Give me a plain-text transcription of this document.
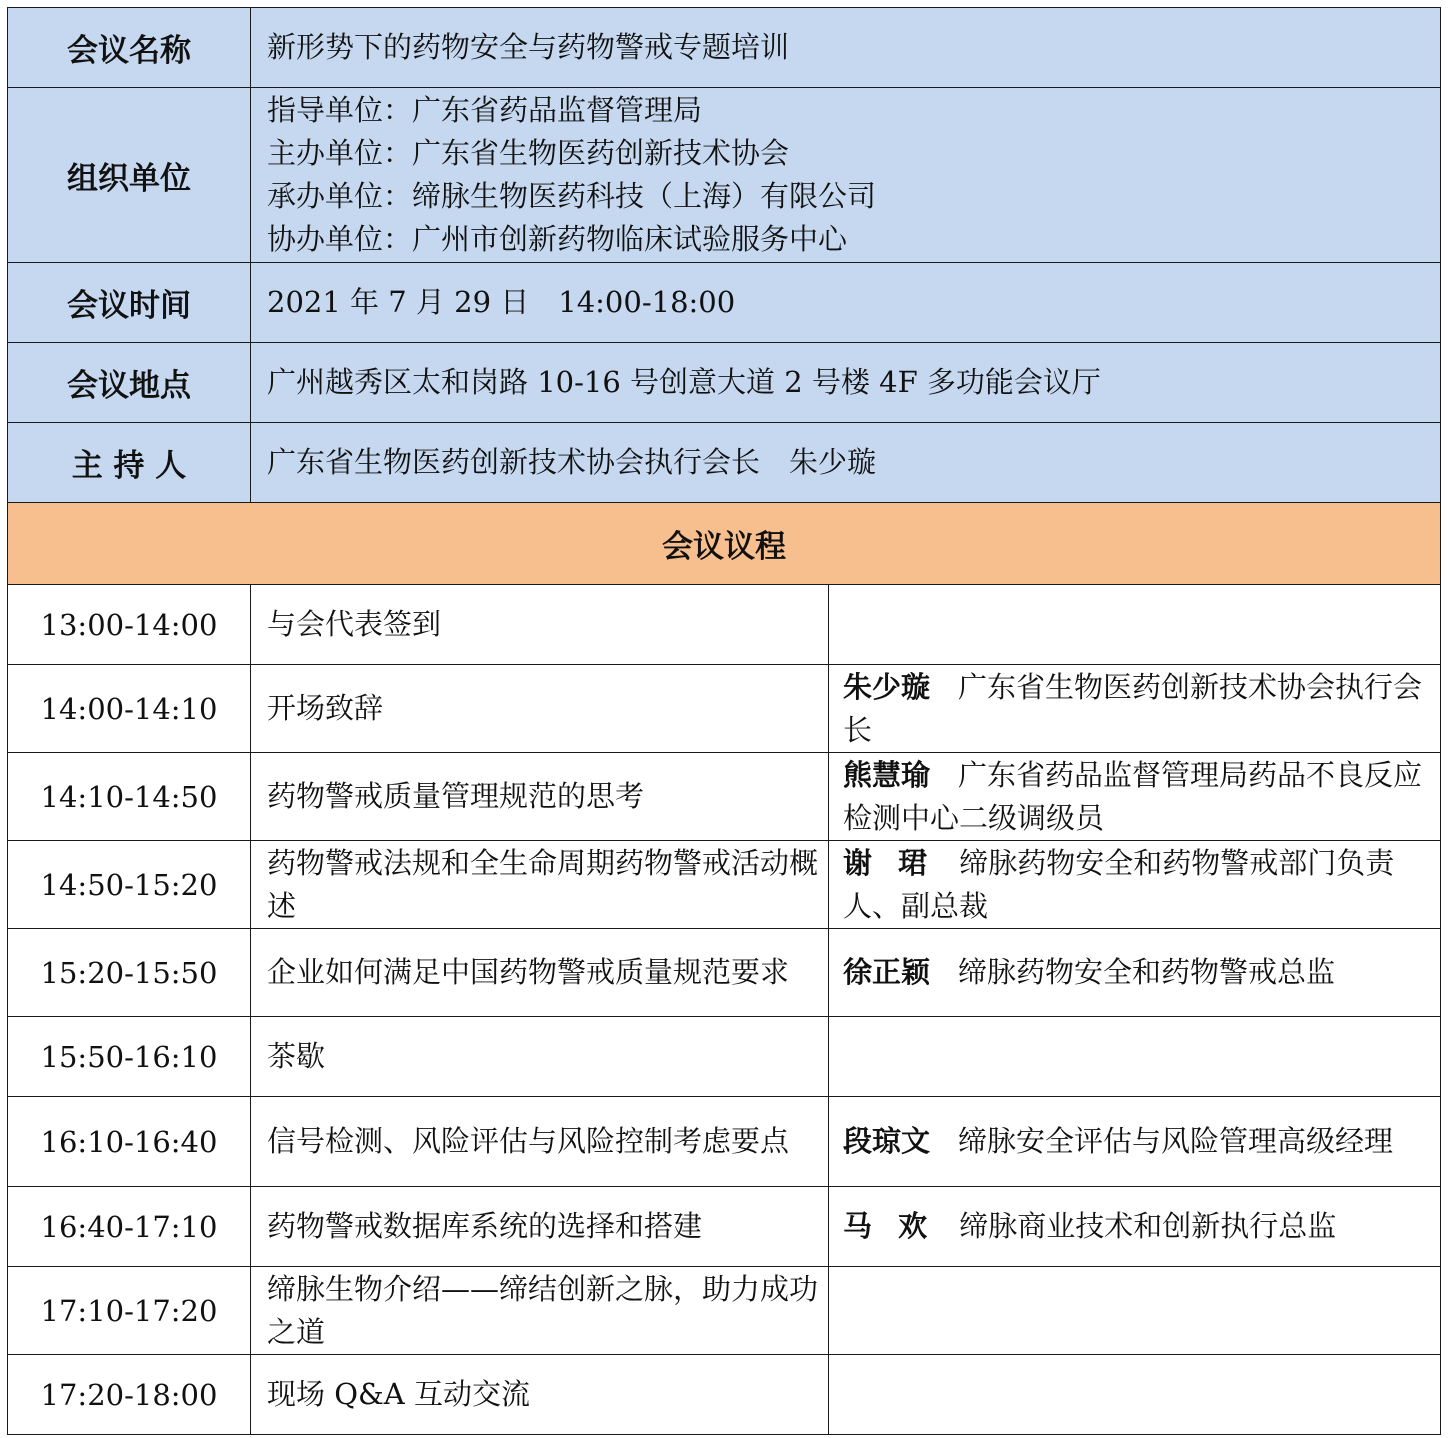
会议名称	新形势下的药物安全与药物警戒专题培训	

组织单位	指导单位：广东省药品监督管理局
主办单位：广东省生物医药创新技术协会
承办单位：缔脉生物医药科技（上海）有限公司
协办单位：广州市创新药物临床试验服务中心	

会议时间	2021 年 7 月 29 日　14:00-18:00	

会议地点	广州越秀区太和岗路 10-16 号创意大道 2 号楼 4F 多功能会议厅	

主 持 人	广东省生物医药创新技术协会执行会长　朱少璇	

会议议程		
13:00-14:00	与会代表签到	
14:00-14:10	开场致辞	朱少璇 广东省生物医药创新技术协会执行会长
14:10-14:50	药物警戒质量管理规范的思考	熊慧瑜 广东省药品监督管理局药品不良反应检测中心二级调级员
14:50-15:20	药物警戒法规和全生命周期药物警戒活动概述	谢珺 缔脉药物安全和药物警戒部门负责人、副总裁
15:20-15:50	企业如何满足中国药物警戒质量规范要求	徐正颖 缔脉药物安全和药物警戒总监
15:50-16:10	茶歇	
16:10-16:40	信号检测、风险评估与风险控制考虑要点	段琼文 缔脉安全评估与风险管理高级经理
16:40-17:10	药物警戒数据库系统的选择和搭建	马欢 缔脉商业技术和创新执行总监
17:10-17:20	缔脉生物介绍——缔结创新之脉，助力成功之道	
17:20-18:00	现场 Q&A 互动交流	
